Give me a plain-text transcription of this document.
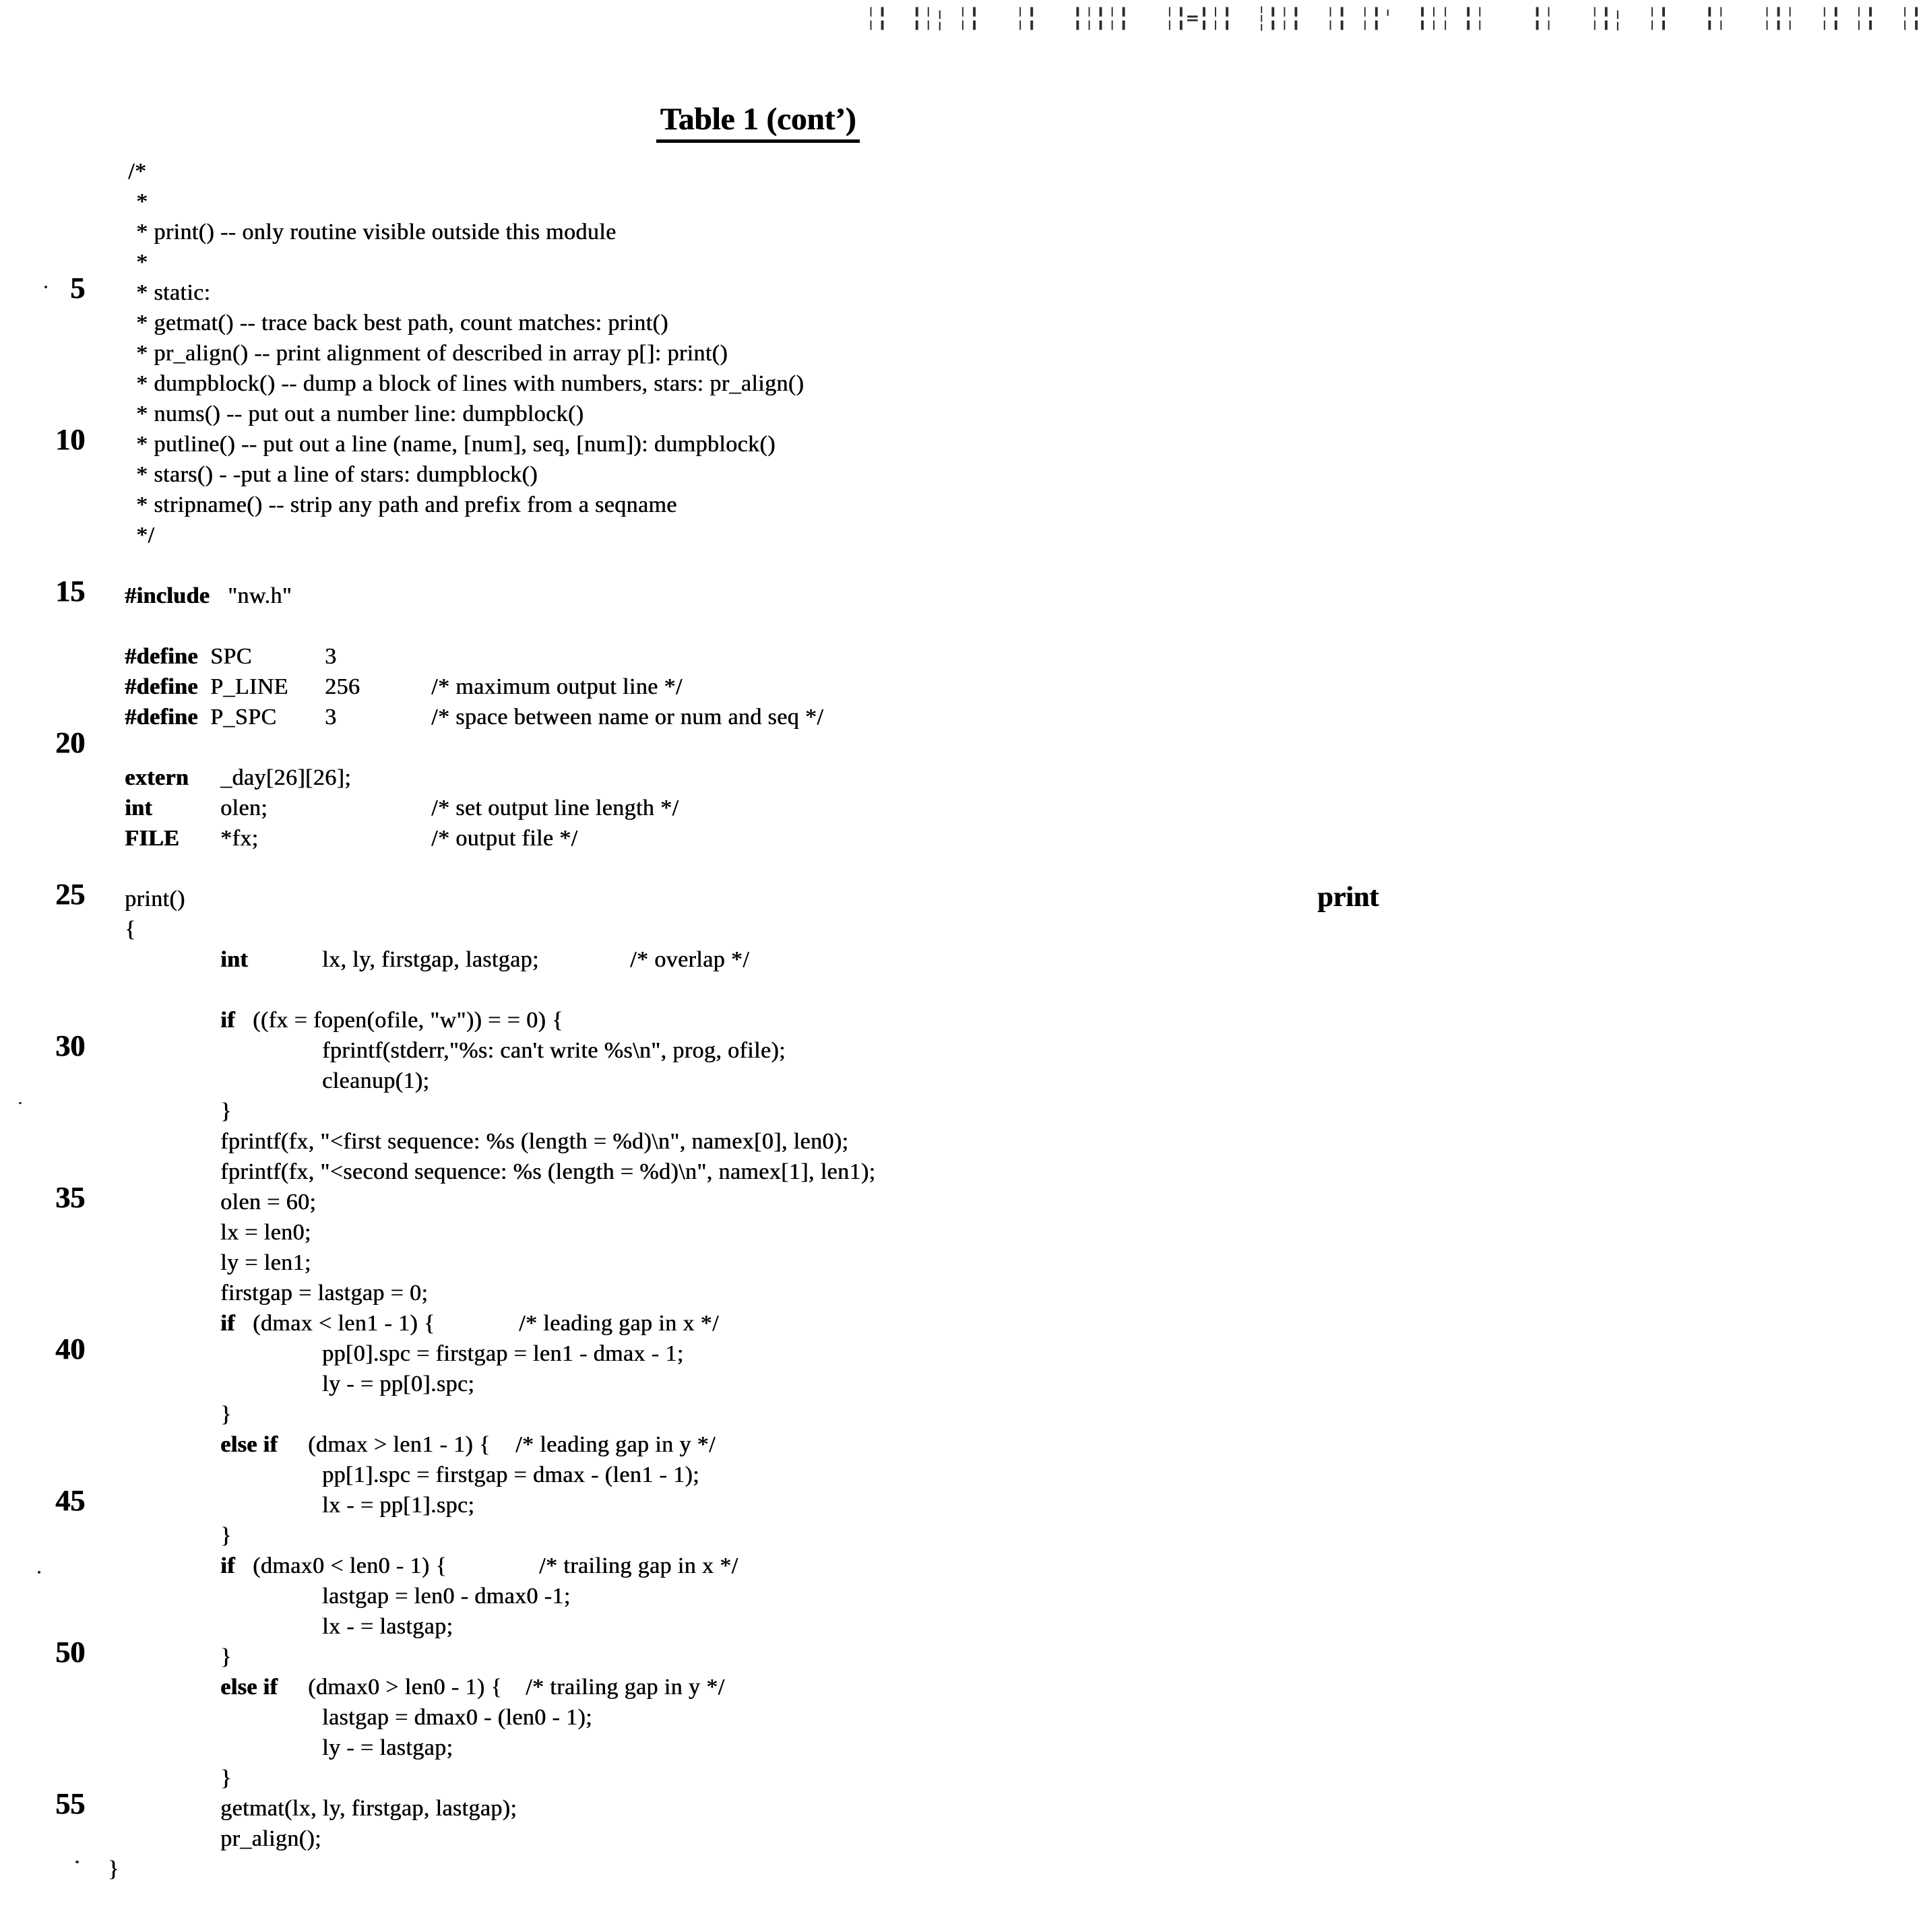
╎╏  ╏╎¦ ╎╏   ╎╏   ╏╎╏╎╏   ╎╏═╏╎╏  ┆╏╎╏  ╎╏ ╎╏'  ╏╎╎ ╏╎    ╏╎   ╎╏¦  ╎╏   ╏╎   ╎╏╎  ╎╏ ╎╏  ╎╏
Table 1 (cont’)
print
/*
*
* print() -- only routine visible outside this module
*
* static:
* getmat() -- trace back best path, count matches: print()
* pr_align() -- print alignment of described in array p[]: print()
* dumpblock() -- dump a block of lines with numbers, stars: pr_align()
* nums() -- put out a number line: dumpblock()
* putline() -- put out a line (name, [num], seq, [num]): dumpblock()
* stars() - -put a line of stars: dumpblock()
* stripname() -- strip any path and prefix from a seqname
*/
#include "nw.h"
#define SPC	3
#define P_LINE 256	/* maximum output line */
#define P_SPC 3	/* space between name or num and seq */
extern _day[26][26];
int	olen;	/* set output line length */
FILE *fx;	/* output file */
print()
{
int	lx, ly, firstgap, lastgap;	/* overlap */
if ((fx = fopen(ofile, "w")) = = 0) {
fprintf(stderr,"%s: can't write %s\n", prog, ofile);
cleanup(1);
}
fprintf(fx, "<first sequence: %s (length = %d)\n", namex[0], len0);
fprintf(fx, "<second sequence: %s (length = %d)\n", namex[1], len1);
olen = 60;
lx = len0;
ly = len1;
firstgap = lastgap = 0;
if (dmax < len1 - 1) {	/* leading gap in x */
pp[0].spc = firstgap = len1 - dmax - 1;
ly - = pp[0].spc;
}
else if (dmax > len1 - 1) { /* leading gap in y */
pp[1].spc = firstgap = dmax - (len1 - 1);
lx - = pp[1].spc;
}
if (dmax0 < len0 - 1) {	/* trailing gap in x */
lastgap = len0 - dmax0 -1;
lx - = lastgap;
}
else if (dmax0 > len0 - 1) { /* trailing gap in y */
lastgap = dmax0 - (len0 - 1);
ly - = lastgap;
}
getmat(lx, ly, firstgap, lastgap);
pr_align();
}
5
10
15
20
25
30
35
40
45
50
55
